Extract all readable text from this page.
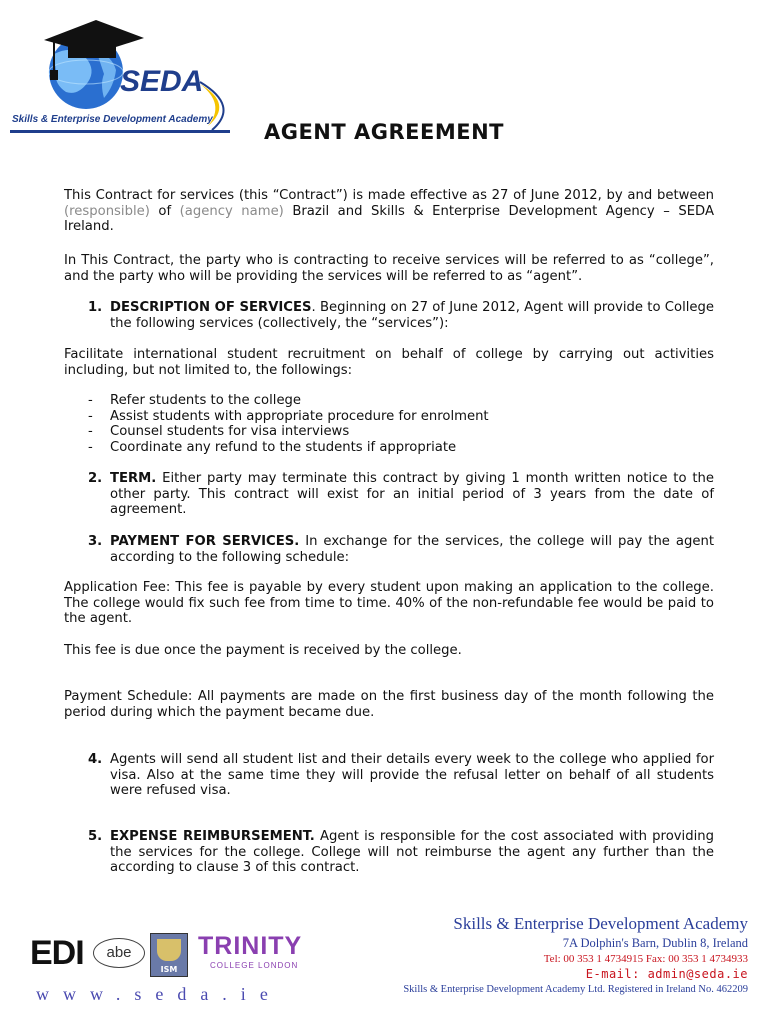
SEDA
Skills & Enterprise Development Academy
AGENT AGREEMENT

This Contract for services (this “Contract”) is made effective as 27 of June 2012, by and between (responsible) of (agency name) Brazil and Skills & Enterprise Development Agency – SEDA Ireland.

In This Contract, the party who is contracting to receive services will be referred to as “college”, and the party who will be providing the services will be referred to as “agent”.

1. DESCRIPTION OF SERVICES. Beginning on 27 of June 2012, Agent will provide to College the following services (collectively, the “services”):

Facilitate international student recruitment on behalf of college by carrying out activities including, but not limited to, the followings:

- Refer students to the college
- Assist students with appropriate procedure for enrolment
- Counsel students for visa interviews
- Coordinate any refund to the students if appropriate
2. TERM. Either party may terminate this contract by giving 1 month written notice to the other party. This contract will exist for an initial period of 3 years from the date of agreement.
3. PAYMENT FOR SERVICES. In exchange for the services, the college will pay the agent according to the following schedule:

Application Fee: This fee is payable by every student upon making an application to the college. The college would fix such fee from time to time. 40% of the non-refundable fee would be paid to the agent.

This fee is due once the payment is received by the college.

Payment Schedule: All payments are made on the first business day of the month following the period during which the payment became due.

4. Agents will send all student list and their details every week to the college who applied for visa. Also at the same time they will provide the refusal letter on behalf of all students were refused visa.
5. EXPENSE REIMBURSEMENT. Agent is responsible for the cost associated with providing the services for the college. College will not reimburse the agent any further than the according to clause 3 of this contract.
EDI	abe
ISM
TRINITY
COLLEGE LONDON
www.seda.ie
Skills & Enterprise Development Academy
7A Dolphin's Barn, Dublin 8, Ireland
Tel: 00 353 1 4734915 Fax: 00 353 1 4734933
E-mail: admin@seda.ie
Skills & Enterprise Development Academy Ltd. Registered in Ireland No. 462209
